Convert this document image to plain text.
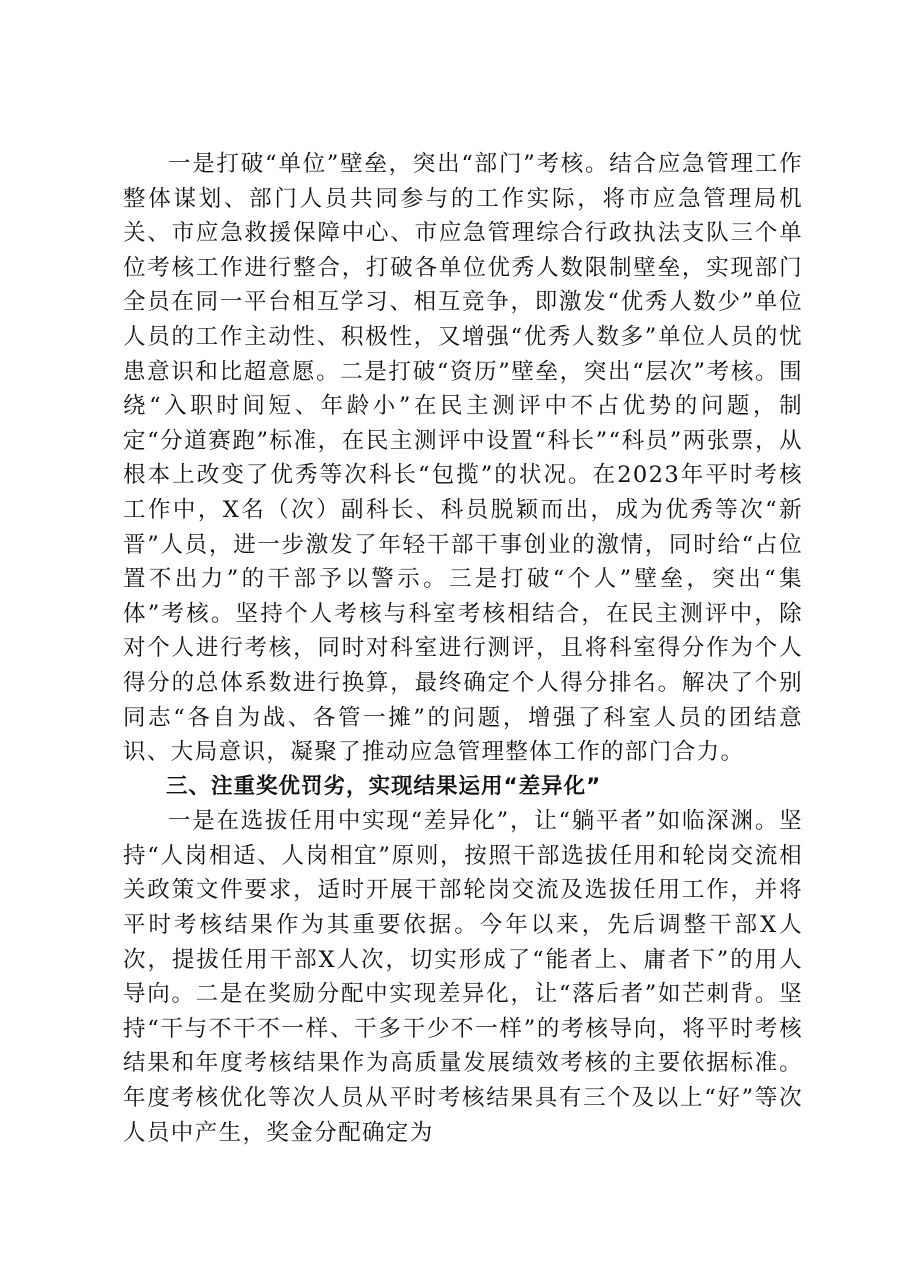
一是打破“单位”壁垒，突出“部门”考核。结合应急管理工作整体谋划、部门人员共同参与的工作实际，将市应急管理局机关、市应急救援保障中心、市应急管理综合行政执法支队三个单位考核工作进行整合，打破各单位优秀人数限制壁垒，实现部门全员在同一平台相互学习、相互竞争，即激发“优秀人数少”单位人员的工作主动性、积极性，又增强“优秀人数多”单位人员的忧患意识和比超意愿。二是打破“资历”壁垒，突出“层次”考核。围绕“入职时间短、年龄小”在民主测评中不占优势的问题，制定“分道赛跑”标准，在民主测评中设置“科长”“科员”两张票，从根本上改变了优秀等次科长“包揽”的状况。在2023年平时考核工作中，X名（次）副科长、科员脱颖而出，成为优秀等次“新晋”人员，进一步激发了年轻干部干事创业的激情，同时给“占位置不出力”的干部予以警示。三是打破“个人”壁垒，突出“集体”考核。坚持个人考核与科室考核相结合，在民主测评中，除对个人进行考核，同时对科室进行测评，且将科室得分作为个人得分的总体系数进行换算，最终确定个人得分排名。解决了个别同志“各自为战、各管一摊”的问题，增强了科室人员的团结意识、大局意识，凝聚了推动应急管理整体工作的部门合力。

三、注重奖优罚劣，实现结果运用“差异化”

一是在选拔任用中实现“差异化”，让“躺平者”如临深渊。坚持“人岗相适、人岗相宜”原则，按照干部选拔任用和轮岗交流相关政策文件要求，适时开展干部轮岗交流及选拔任用工作，并将平时考核结果作为其重要依据。今年以来，先后调整干部X人次，提拔任用干部X人次，切实形成了“能者上、庸者下”的用人导向。二是在奖励分配中实现差异化，让“落后者”如芒刺背。坚持“干与不干不一样、干多干少不一样”的考核导向，将平时考核结果和年度考核结果作为高质量发展绩效考核的主要依据标准。年度考核优化等次人员从平时考核结果具有三个及以上“好”等次人员中产生，奖金分配确定为
